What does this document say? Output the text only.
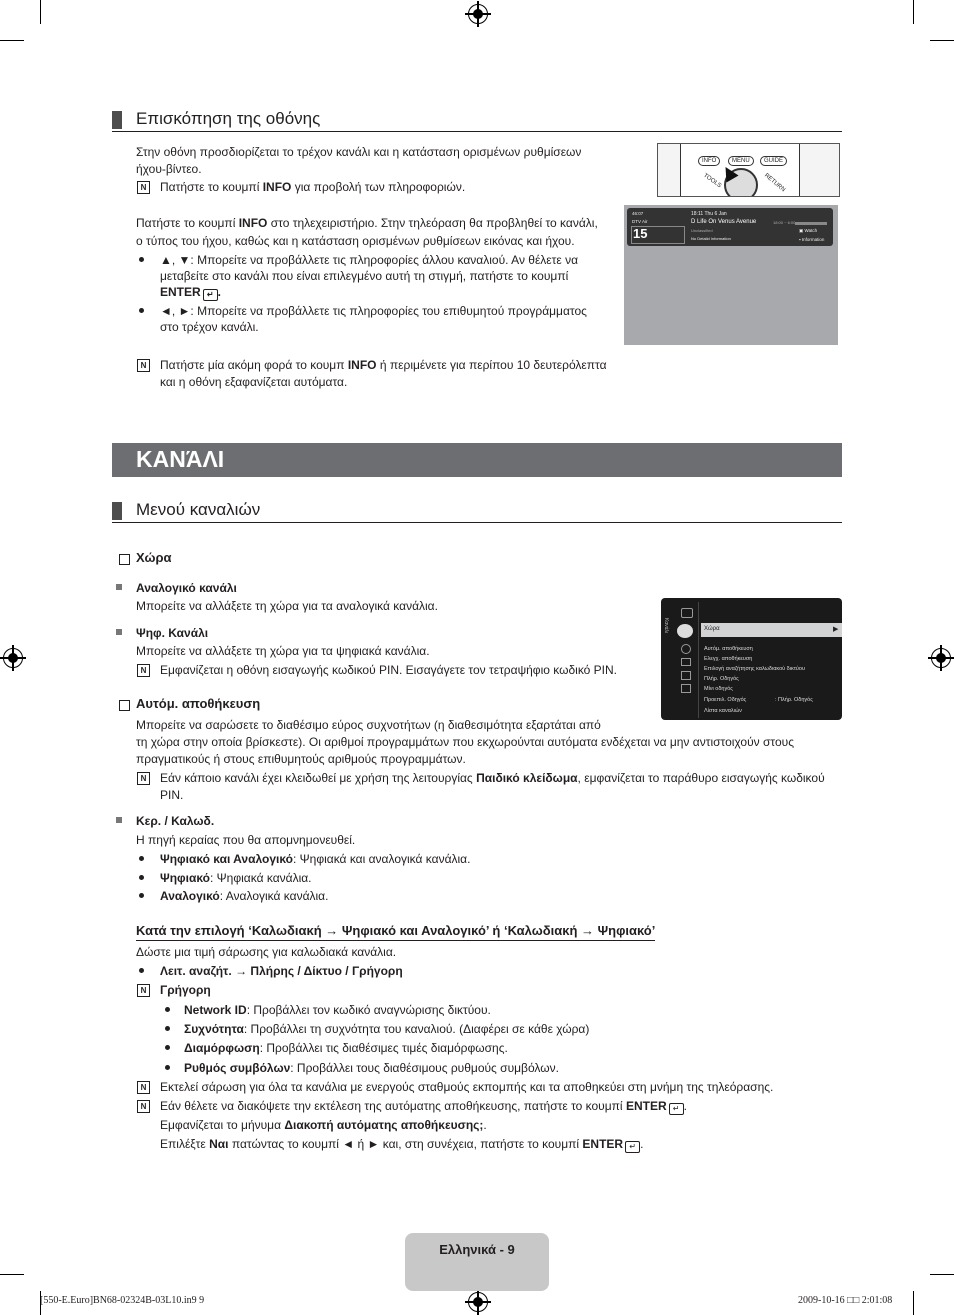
Επισκόπηση της οθόνης
Στην οθόνη προσδιορίζεται το τρέχον κανάλι και η κατάσταση ορισμένων ρυθμίσεων
ήχου-βίντεο.
N	Πατήστε το κουμπί INFO για προβολή των πληροφοριών.
Πατήστε το κουμπί INFO στο τηλεχειριστήριο. Στην τηλεόραση θα προβληθεί το κανάλι,
ο τύπος του ήχου, καθώς και η κατάσταση ορισμένων ρυθμίσεων εικόνας και ήχου.
▲, ▼: Μπορείτε να προβάλλετε τις πληροφορίες άλλου καναλιού. Αν θέλετε να
μεταβείτε στο κανάλι που είναι επιλεγμένο αυτή τη στιγμή, πατήστε το κουμπί
ENTER ↵ .
◄, ►: Μπορείτε να προβάλλετε τις πληροφορίες του επιθυμητού προγράμματος
στο τρέχον κανάλι.
N	Πατήστε μία ακόμη φορά το κουμπ INFO ή περιμένετε για περίπου 10 δευτερόλεπτα
και η οθόνη εξαφανίζεται αυτόματα.
INFO	MENU	GUIDE
TOOLS	RETURN
46:07
DTV Air
15
18:11 Thu 6 Jan
D Life On Venus Avenue
Unclassified
No Detaild Information
18:00 ~ 6:00
▣ Watch
▪ Information
ΚΑΝΆΛΙ
Μενού καναλιών
Χώρα
Αναλογικό κανάλι
Μπορείτε να αλλάξετε τη χώρα για τα αναλογικά κανάλια.
Ψηφ. Κανάλι
Μπορείτε να αλλάξετε τη χώρα για τα ψηφιακά κανάλια.
N	Εμφανίζεται η οθόνη εισαγωγής κωδικού PIN. Εισαγάγετε τον τετραψήφιο κωδικό PIN.
Αυτόμ. αποθήκευση
Μπορείτε να σαρώσετε το διαθέσιμο εύρος συχνοτήτων (η διαθεσιμότητα εξαρτάται από
τη χώρα στην οποία βρίσκεστε). Οι αριθμοί προγραμμάτων που εκχωρούνται αυτόματα ενδέχεται να μην αντιστοιχούν στους
πραγματικούς ή στους επιθυμητούς αριθμούς προγραμμάτων.
N	Εάν κάποιο κανάλι έχει κλειδωθεί με χρήση της λειτουργίας Παιδικό κλείδωμα, εμφανίζεται το παράθυρο εισαγωγής κωδικού
PIN.
Κερ. / Καλωδ.
Η πηγή κεραίας που θα απομνημονευθεί.
Ψηφιακό και Αναλογικό: Ψηφιακά και αναλογικά κανάλια.
Ψηφιακό: Ψηφιακά κανάλια.
Αναλογικό: Αναλογικά κανάλια.
Κατά την επιλογή ‘Καλωδιακή → Ψηφιακό και Αναλογικό’ ή ‘Καλωδιακή → Ψηφιακό’
Δώστε μια τιμή σάρωσης για καλωδιακά κανάλια.
Λειτ. αναζήτ. → Πλήρης / Δίκτυο / Γρήγορη
N	Γρήγορη
Network ID: Προβάλλει τον κωδικό αναγνώρισης δικτύου.
Συχνότητα: Προβάλλει τη συχνότητα του καναλιού. (Διαφέρει σε κάθε χώρα)
Διαμόρφωση: Προβάλλει τις διαθέσιμες τιμές διαμόρφωσης.
Ρυθμός συμβόλων: Προβάλλει τους διαθέσιμους ρυθμούς συμβόλων.
N	Εκτελεί σάρωση για όλα τα κανάλια με ενεργούς σταθμούς εκπομπής και τα αποθηκεύει στη μνήμη της τηλεόρασης.
N	Εάν θέλετε να διακόψετε την εκτέλεση της αυτόματης αποθήκευσης, πατήστε το κουμπί ENTER ↵ .
Εμφανίζεται το μήνυμα Διακοπή αυτόματης αποθήκευσης;.
Επιλέξτε Ναι πατώντας το κουμπί ◄ ή ► και, στη συνέχεια, πατήστε το κουμπί ENTER ↵ .
Κανάλι	Χώρα	▶
Αυτόμ. αποθήκευση
Ελεγχ. αποθήκευση
Επιλογή αναζήτησης καλωδιακού δικτύου
Πλήρ. Οδηγός
Μίνι οδηγός
Προεπιλ. Οδηγός	: Πλήρ. Οδηγός
Λίστα καναλιών
Ελληνικά - 9
[550-E.Euro]BN68-02324B-03L10.in9 9	2009-10-16 □□ 2:01:08
